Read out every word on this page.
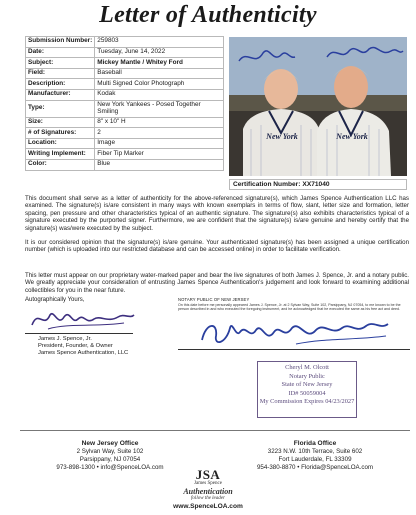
Letter of Authenticity
Submission Number:	259803
Date:	Tuesday, June 14, 2022
Subject:	Mickey Mantle / Whitey Ford
Field:	Baseball
Description:	Multi Signed Color Photograph
Manufacturer:	Kodak
Type:	New York Yankees - Posed Together Smiling
Size:	8" x 10" H
# of Signatures:	2
Location:	Image
Writing Implement:	Fiber Tip Marker
Color:	Blue
New York	New York
Certification Number: XX71040
This document shall serve as a letter of authenticity for the above-referenced signature(s), which James Spence Authentication LLC has examined. The signature(s) is/are consistent in many ways with known exemplars in terms of flow, slant, letter size and formation, letter spacing, pen pressure and other characteristics typical of an authentic signature. The signature(s) also exhibits characteristics typical of a signature executed by the purported signer. Furthermore, we are confident that the signature(s) is/are genuine and hereby certify that the signature(s) was/were executed by the subject.
It is our considered opinion that the signature(s) is/are genuine. Your authenticated signature(s) has been assigned a unique certification number (which is uploaded into our restricted database and can be accessed online) in order to facilitate verification.
This letter must appear on our proprietary water-marked paper and bear the live signatures of both James J. Spence, Jr. and a notary public. We greatly appreciate your consideration of entrusting James Spence Authentication's judgement and look forward to examining additional collectibles for you in the near future.
Autographically Yours,
James J. Spence, Jr.
President, Founder, & Owner
James Spence Authentication, LLC
NOTARY PUBLIC OF NEW JERSEY
On this date before me personally appeared James J. Spence, Jr. at 2 Sylvan Way, Suite 102, Parsippany, NJ 07054, to me known to be the person described in and who executed the foregoing instrument, and he acknowledged that he executed the same as his free act and deed.
Cheryl M. Olcott
Notary Public
State of New Jersey
ID# 50059004
My Commission Expires 04/23/2027
New Jersey Office
2 Sylvan Way, Suite 102
Parsippany, NJ 07054
973-898-1300 • info@SpenceLOA.com
Florida Office
3223 N.W. 10th Terrace, Suite 602
Fort Lauderdale, FL 33309
954-380-8870 • Florida@SpenceLOA.com
JSA
James Spence
Authentication
follow the leader
www.SpenceLOA.com
